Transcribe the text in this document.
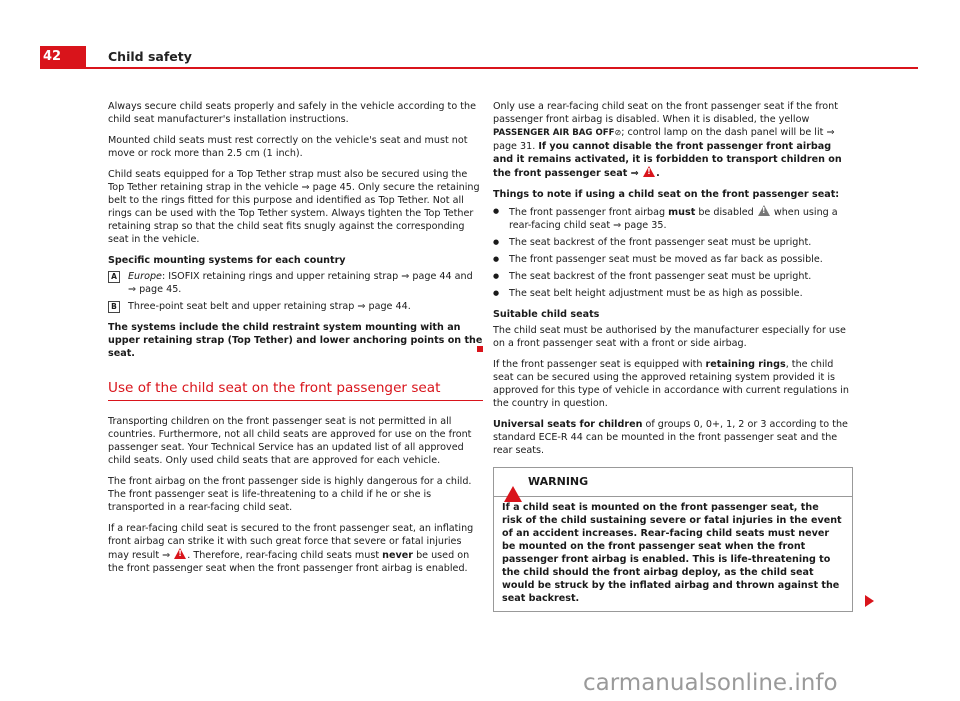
42	Child safety

Always secure child seats properly and safely in the vehicle according to the child seat manufacturer's installation instructions.

Mounted child seats must rest correctly on the vehicle's seat and must not move or rock more than 2.5 cm (1 inch).

Child seats equipped for a Top Tether strap must also be secured using the Top Tether retaining strap in the vehicle ⇒ page 45. Only secure the retaining belt to the rings fitted for this purpose and identified as Top Tether. Not all rings can be used with the Top Tether system. Always tighten the Top Tether retaining strap so that the child seat fits snugly against the corresponding seat in the vehicle.

Specific mounting systems for each country

A	Europe: ISOFIX retaining rings and upper retaining strap ⇒ page 44 and ⇒ page 45.
B	Three-point seat belt and upper retaining strap ⇒ page 44.

The systems include the child restraint system mounting with an upper retaining strap (Top Tether) and lower anchoring points on the seat.

Use of the child seat on the front passenger seat

Transporting children on the front passenger seat is not permitted in all countries. Furthermore, not all child seats are approved for use on the front passenger seat. Your Technical Service has an updated list of all approved child seats. Only used child seats that are approved for each vehicle.

The front airbag on the front passenger side is highly dangerous for a child. The front passenger seat is life-threatening to a child if he or she is transported in a rear-facing child seat.

If a rear-facing child seat is secured to the front passenger seat, an inflating front airbag can strike it with such great force that severe or fatal injuries may result ⇒ !. Therefore, rear-facing child seats must never be used on the front passenger seat when the front passenger front airbag is enabled.

Only use a rear-facing child seat on the front passenger seat if the front passenger front airbag is disabled. When it is disabled, the yellow PASSENGER AIR BAG OFF⊘; control lamp on the dash panel will be lit ⇒ page 31. If you cannot disable the front passenger front airbag and it remains activated, it is forbidden to transport children on the front passenger seat ⇒ !.

Things to note if using a child seat on the front passenger seat:

● The front passenger front airbag must be disabled ! when using a rear-facing child seat ⇒ page 35.
● The seat backrest of the front passenger seat must be upright.
● The front passenger seat must be moved as far back as possible.
● The seat backrest of the front passenger seat must be upright.
● The seat belt height adjustment must be as high as possible.

Suitable child seats

The child seat must be authorised by the manufacturer especially for use on a front passenger seat with a front or side airbag.

If the front passenger seat is equipped with retaining rings, the child seat can be secured using the approved retaining system provided it is approved for this type of vehicle in accordance with current regulations in the country in question.

Universal seats for children of groups 0, 0+, 1, 2 or 3 according to the standard ECE-R 44 can be mounted in the front passenger seat and the rear seats.

!
WARNING
If a child seat is mounted on the front passenger seat, the risk of the child sustaining severe or fatal injuries in the event of an accident increases. Rear-facing child seats must never be mounted on the front passenger seat when the front passenger front airbag is enabled. This is life-threatening to the child should the front airbag deploy, as the child seat would be struck by the inflated airbag and thrown against the seat backrest.
carmanualsonline.info
